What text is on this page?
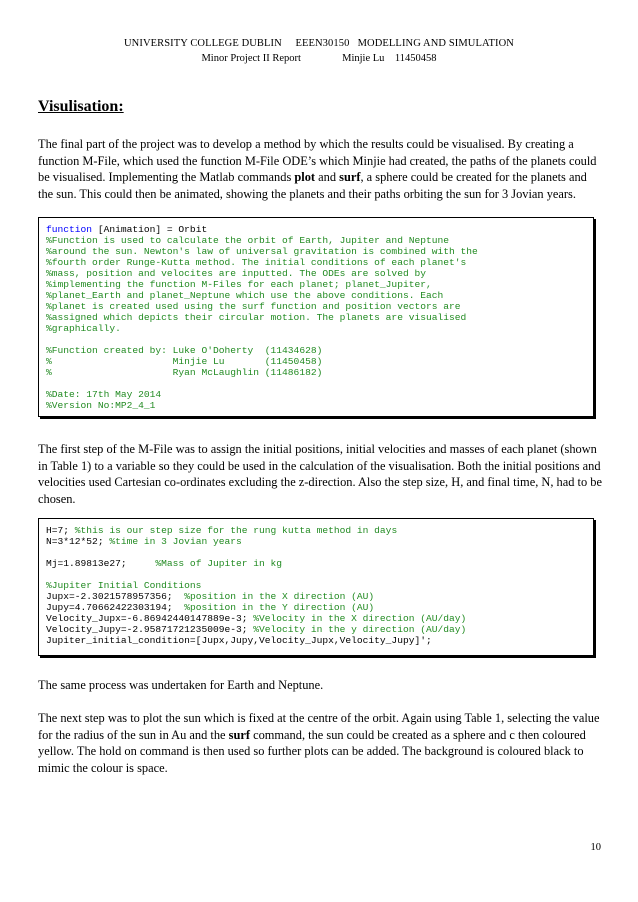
UNIVERSITY COLLEGE DUBLIN     EEEN30150   MODELLING AND SIMULATION
Minor Project II Report	Minjie Lu    11450458
Visulisation:
The final part of the project was to develop a method by which the results could be visualised. By creating a function M-File, which used the function M-File ODE’s which Minjie had created, the paths of the planets could be visualised. Implementing the Matlab commands plot and surf, a sphere could be created for the planets and the sun. This could then be animated, showing the planets and their paths orbiting the sun for 3 Jovian years.
function [Animation] = Orbit
%Function is used to calculate the orbit of Earth, Jupiter and Neptune
%around the sun. Newton's law of universal gravitation is combined with the
%fourth order Runge-Kutta method. The initial conditions of each planet's
%mass, position and velocites are inputted. The ODEs are solved by
%implementing the function M-Files for each planet; planet_Jupiter,
%planet_Earth and planet_Neptune which use the above conditions. Each
%planet is created used using the surf function and position vectors are
%assigned which depicts their circular motion. The planets are visualised
%graphically.
%Function created by: Luke O'Doherty  (11434628)
%                     Minjie Lu       (11450458)
%                     Ryan McLaughlin (11486182)
%Date: 17th May 2014
%Version No:MP2_4_1
The first step of the M-File was to assign the initial positions, initial velocities and masses of each planet (shown in Table 1) to a variable so they could be used in the calculation of the visualisation. Both the initial positions and velocities used Cartesian co-ordinates excluding the z-direction. Also the step size, H, and final time, N, had to be chosen.
H=7; %this is our step size for the rung kutta method in days
N=3*12*52; %time in 3 Jovian years
Mj=1.89813e27;     %Mass of Jupiter in kg
%Jupiter Initial Conditions
Jupx=-2.3021578957356;  %position in the X direction (AU)
Jupy=4.70662422303194;  %position in the Y direction (AU)
Velocity_Jupx=-6.86942440147889e-3; %Velocity in the X direction (AU/day)
Velocity_Jupy=-2.95871721235009e-3; %Velocity in the y direction (AU/day)
Jupiter_initial_condition=[Jupx,Jupy,Velocity_Jupx,Velocity_Jupy]';
The same process was undertaken for Earth and Neptune.
The next step was to plot the sun which is fixed at the centre of the orbit. Again using Table 1, selecting the value for the radius of the sun in Au and the surf command, the sun could be created as a sphere and c then coloured yellow. The hold on command is then used so further plots can be added. The background is coloured black to mimic the colour is space.
10
